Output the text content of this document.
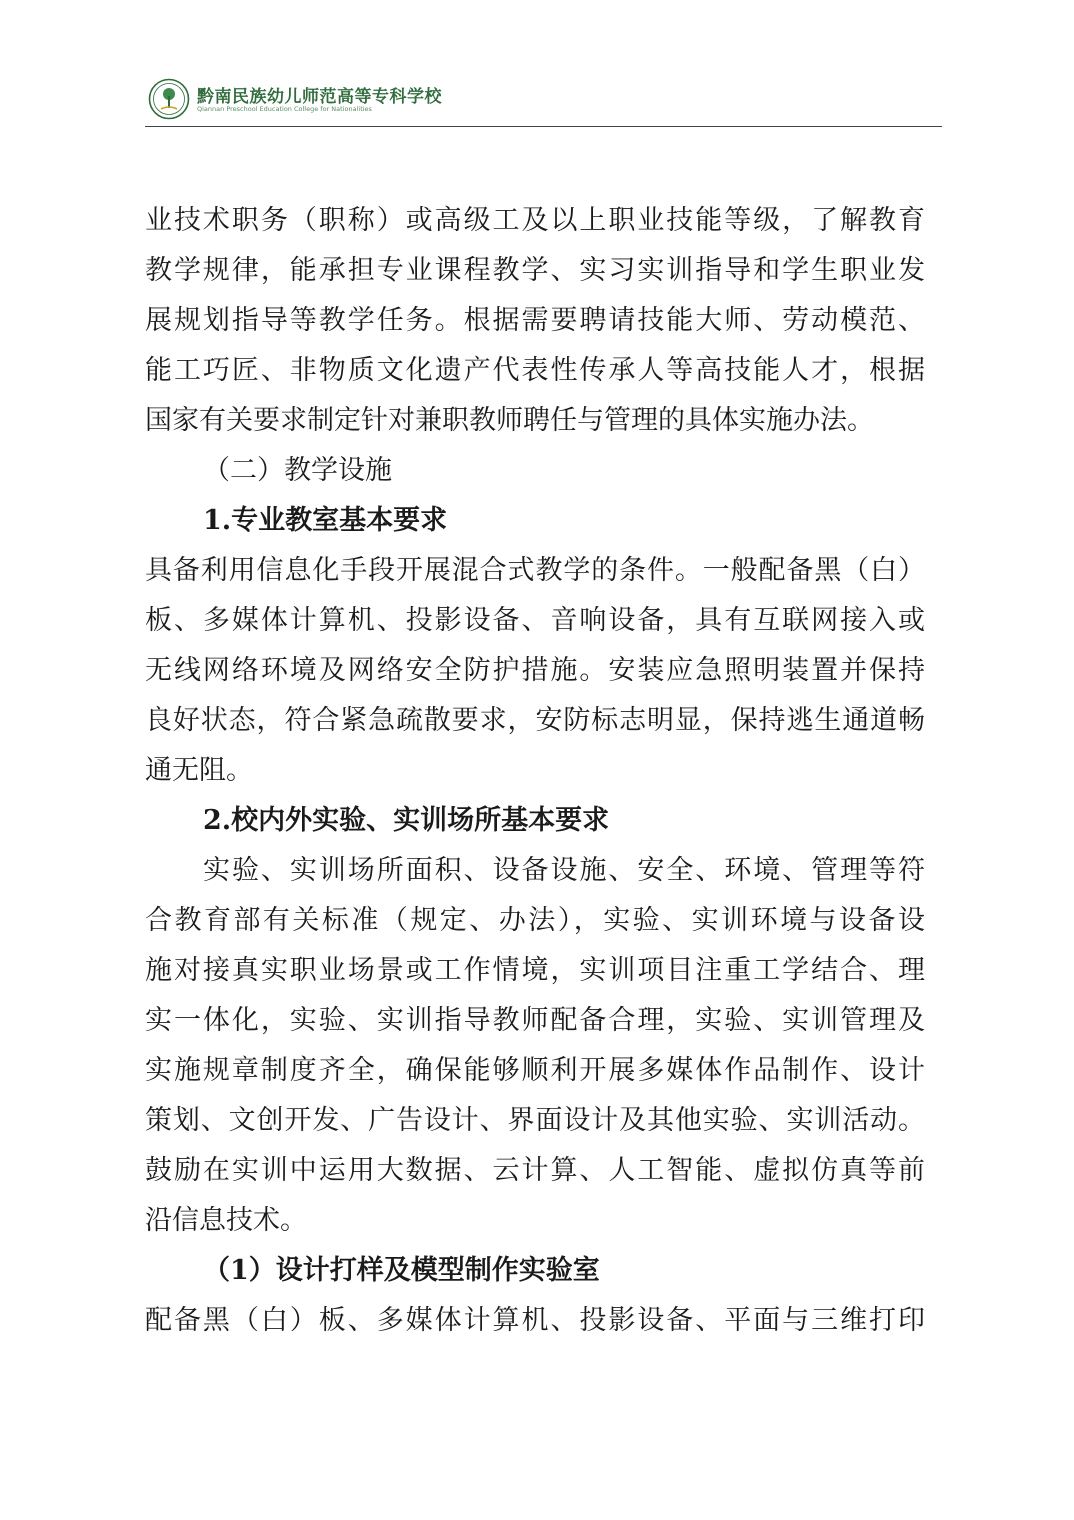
黔南民族幼儿师范高等专科学校
Qiannan Preschool Education College for Nationalities
业技术职务（职称）或高级工及以上职业技能等级，了解教育
教学规律，能承担专业课程教学、实习实训指导和学生职业发
展规划指导等教学任务。根据需要聘请技能大师、劳动模范、
能工巧匠、非物质文化遗产代表性传承人等高技能人才，根据
国家有关要求制定针对兼职教师聘任与管理的具体实施办法。
（二）教学设施
1.专业教室基本要求
具备利用信息化手段开展混合式教学的条件。一般配备黑（白）
板、多媒体计算机、投影设备、音响设备，具有互联网接入或
无线网络环境及网络安全防护措施。安装应急照明装置并保持
良好状态，符合紧急疏散要求，安防标志明显，保持逃生通道畅
通无阻。
2.校内外实验、实训场所基本要求
实验、实训场所面积、设备设施、安全、环境、管理等符
合教育部有关标准（规定、办法），实验、实训环境与设备设
施对接真实职业场景或工作情境，实训项目注重工学结合、理
实一体化，实验、实训指导教师配备合理，实验、实训管理及
实施规章制度齐全，确保能够顺利开展多媒体作品制作、设计
策划、文创开发、广告设计、界面设计及其他实验、实训活动。
鼓励在实训中运用大数据、云计算、人工智能、虚拟仿真等前
沿信息技术。
（1）设计打样及模型制作实验室
配备黑（白）板、多媒体计算机、投影设备、平面与三维打印
